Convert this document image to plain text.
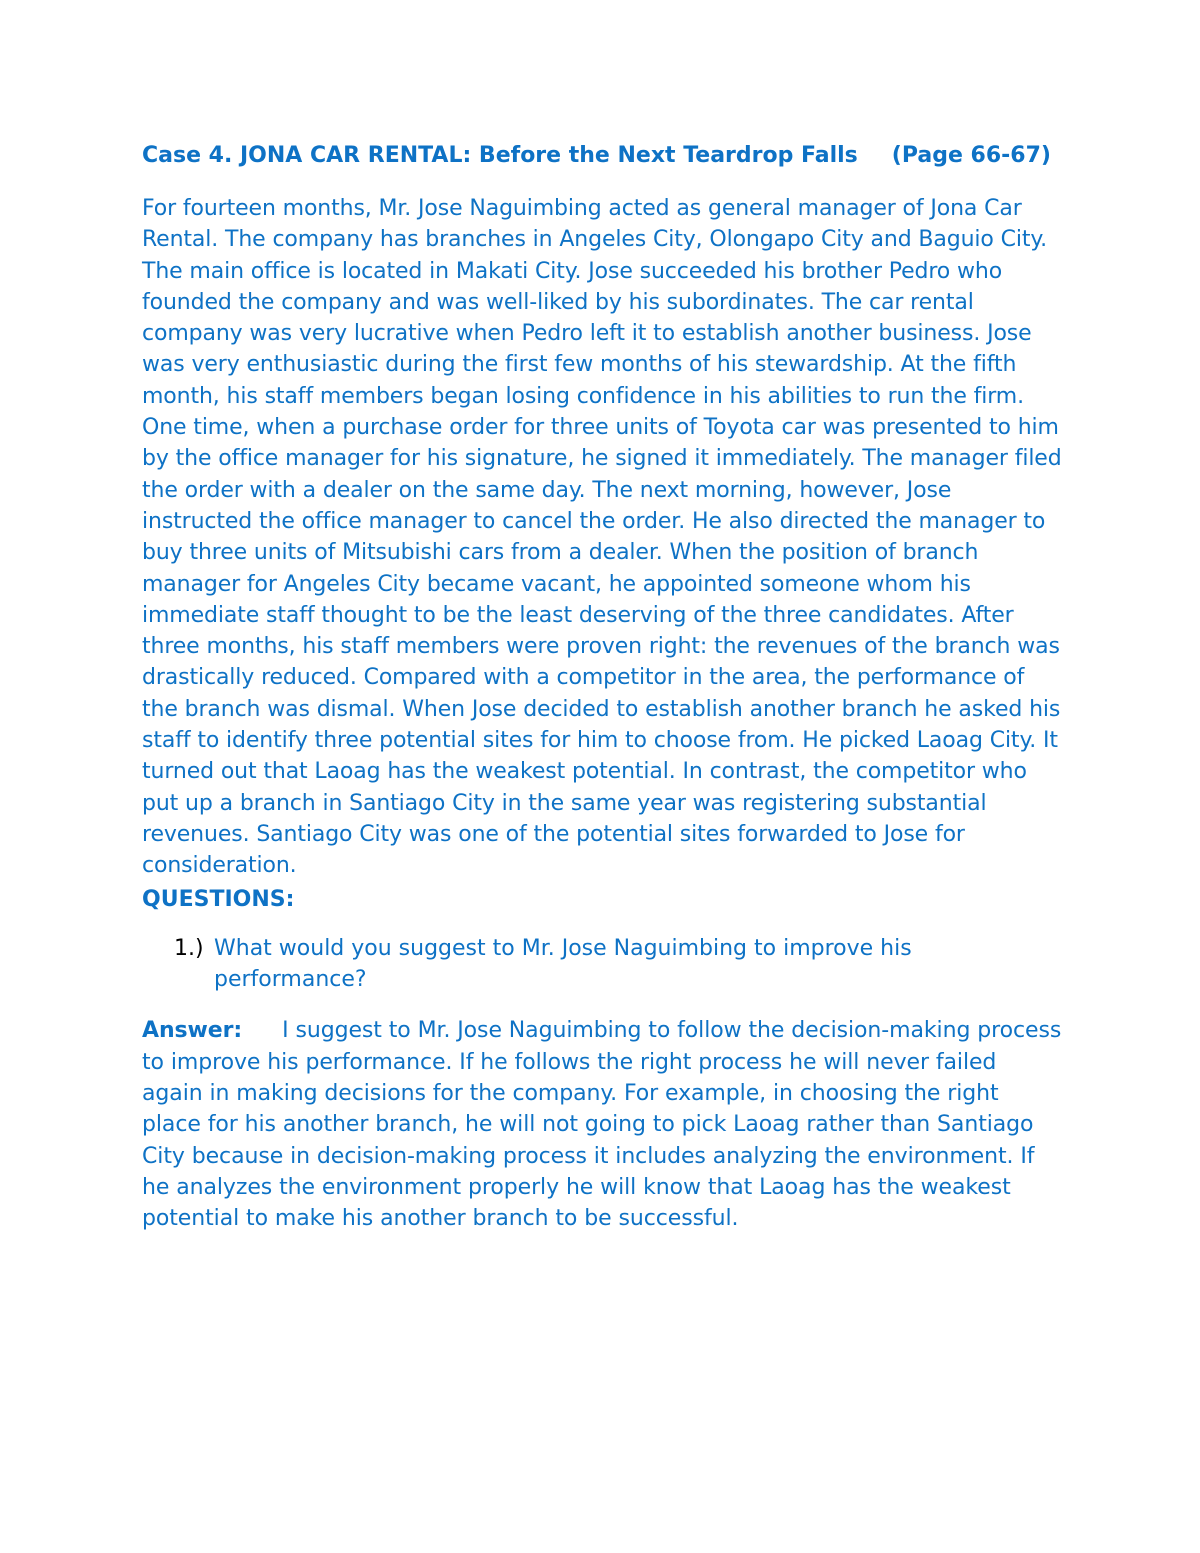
Case 4. JONA CAR RENTAL: Before the Next Teardrop Falls (Page 66-67)

For fourteen months, Mr. Jose Naguimbing acted as general manager of Jona Car Rental. The company has branches in Angeles City, Olongapo City and Baguio City. The main office is located in Makati City. Jose succeeded his brother Pedro who founded the company and was well-liked by his subordinates. The car rental company was very lucrative when Pedro left it to establish another business. Jose was very enthusiastic during the first few months of his stewardship. At the fifth month, his staff members began losing confidence in his abilities to run the firm. One time, when a purchase order for three units of Toyota car was presented to him by the office manager for his signature, he signed it immediately. The manager filed the order with a dealer on the same day. The next morning, however, Jose instructed the office manager to cancel the order. He also directed the manager to buy three units of Mitsubishi cars from a dealer. When the position of branch manager for Angeles City became vacant, he appointed someone whom his immediate staff thought to be the least deserving of the three candidates. After three months, his staff members were proven right: the revenues of the branch was drastically reduced. Compared with a competitor in the area, the performance of the branch was dismal. When Jose decided to establish another branch he asked his staff to identify three potential sites for him to choose from. He picked Laoag City. It turned out that Laoag has the weakest potential. In contrast, the competitor who put up a branch in Santiago City in the same year was registering substantial revenues. Santiago City was one of the potential sites forwarded to Jose for consideration.

QUESTIONS:
1.) What would you suggest to Mr. Jose Naguimbing to improve his performance?

Answer: I suggest to Mr. Jose Naguimbing to follow the decision-making process to improve his performance. If he follows the right process he will never failed again in making decisions for the company. For example, in choosing the right place for his another branch, he will not going to pick Laoag rather than Santiago City because in decision-making process it includes analyzing the environment. If he analyzes the environment properly he will know that Laoag has the weakest potential to make his another branch to be successful.
